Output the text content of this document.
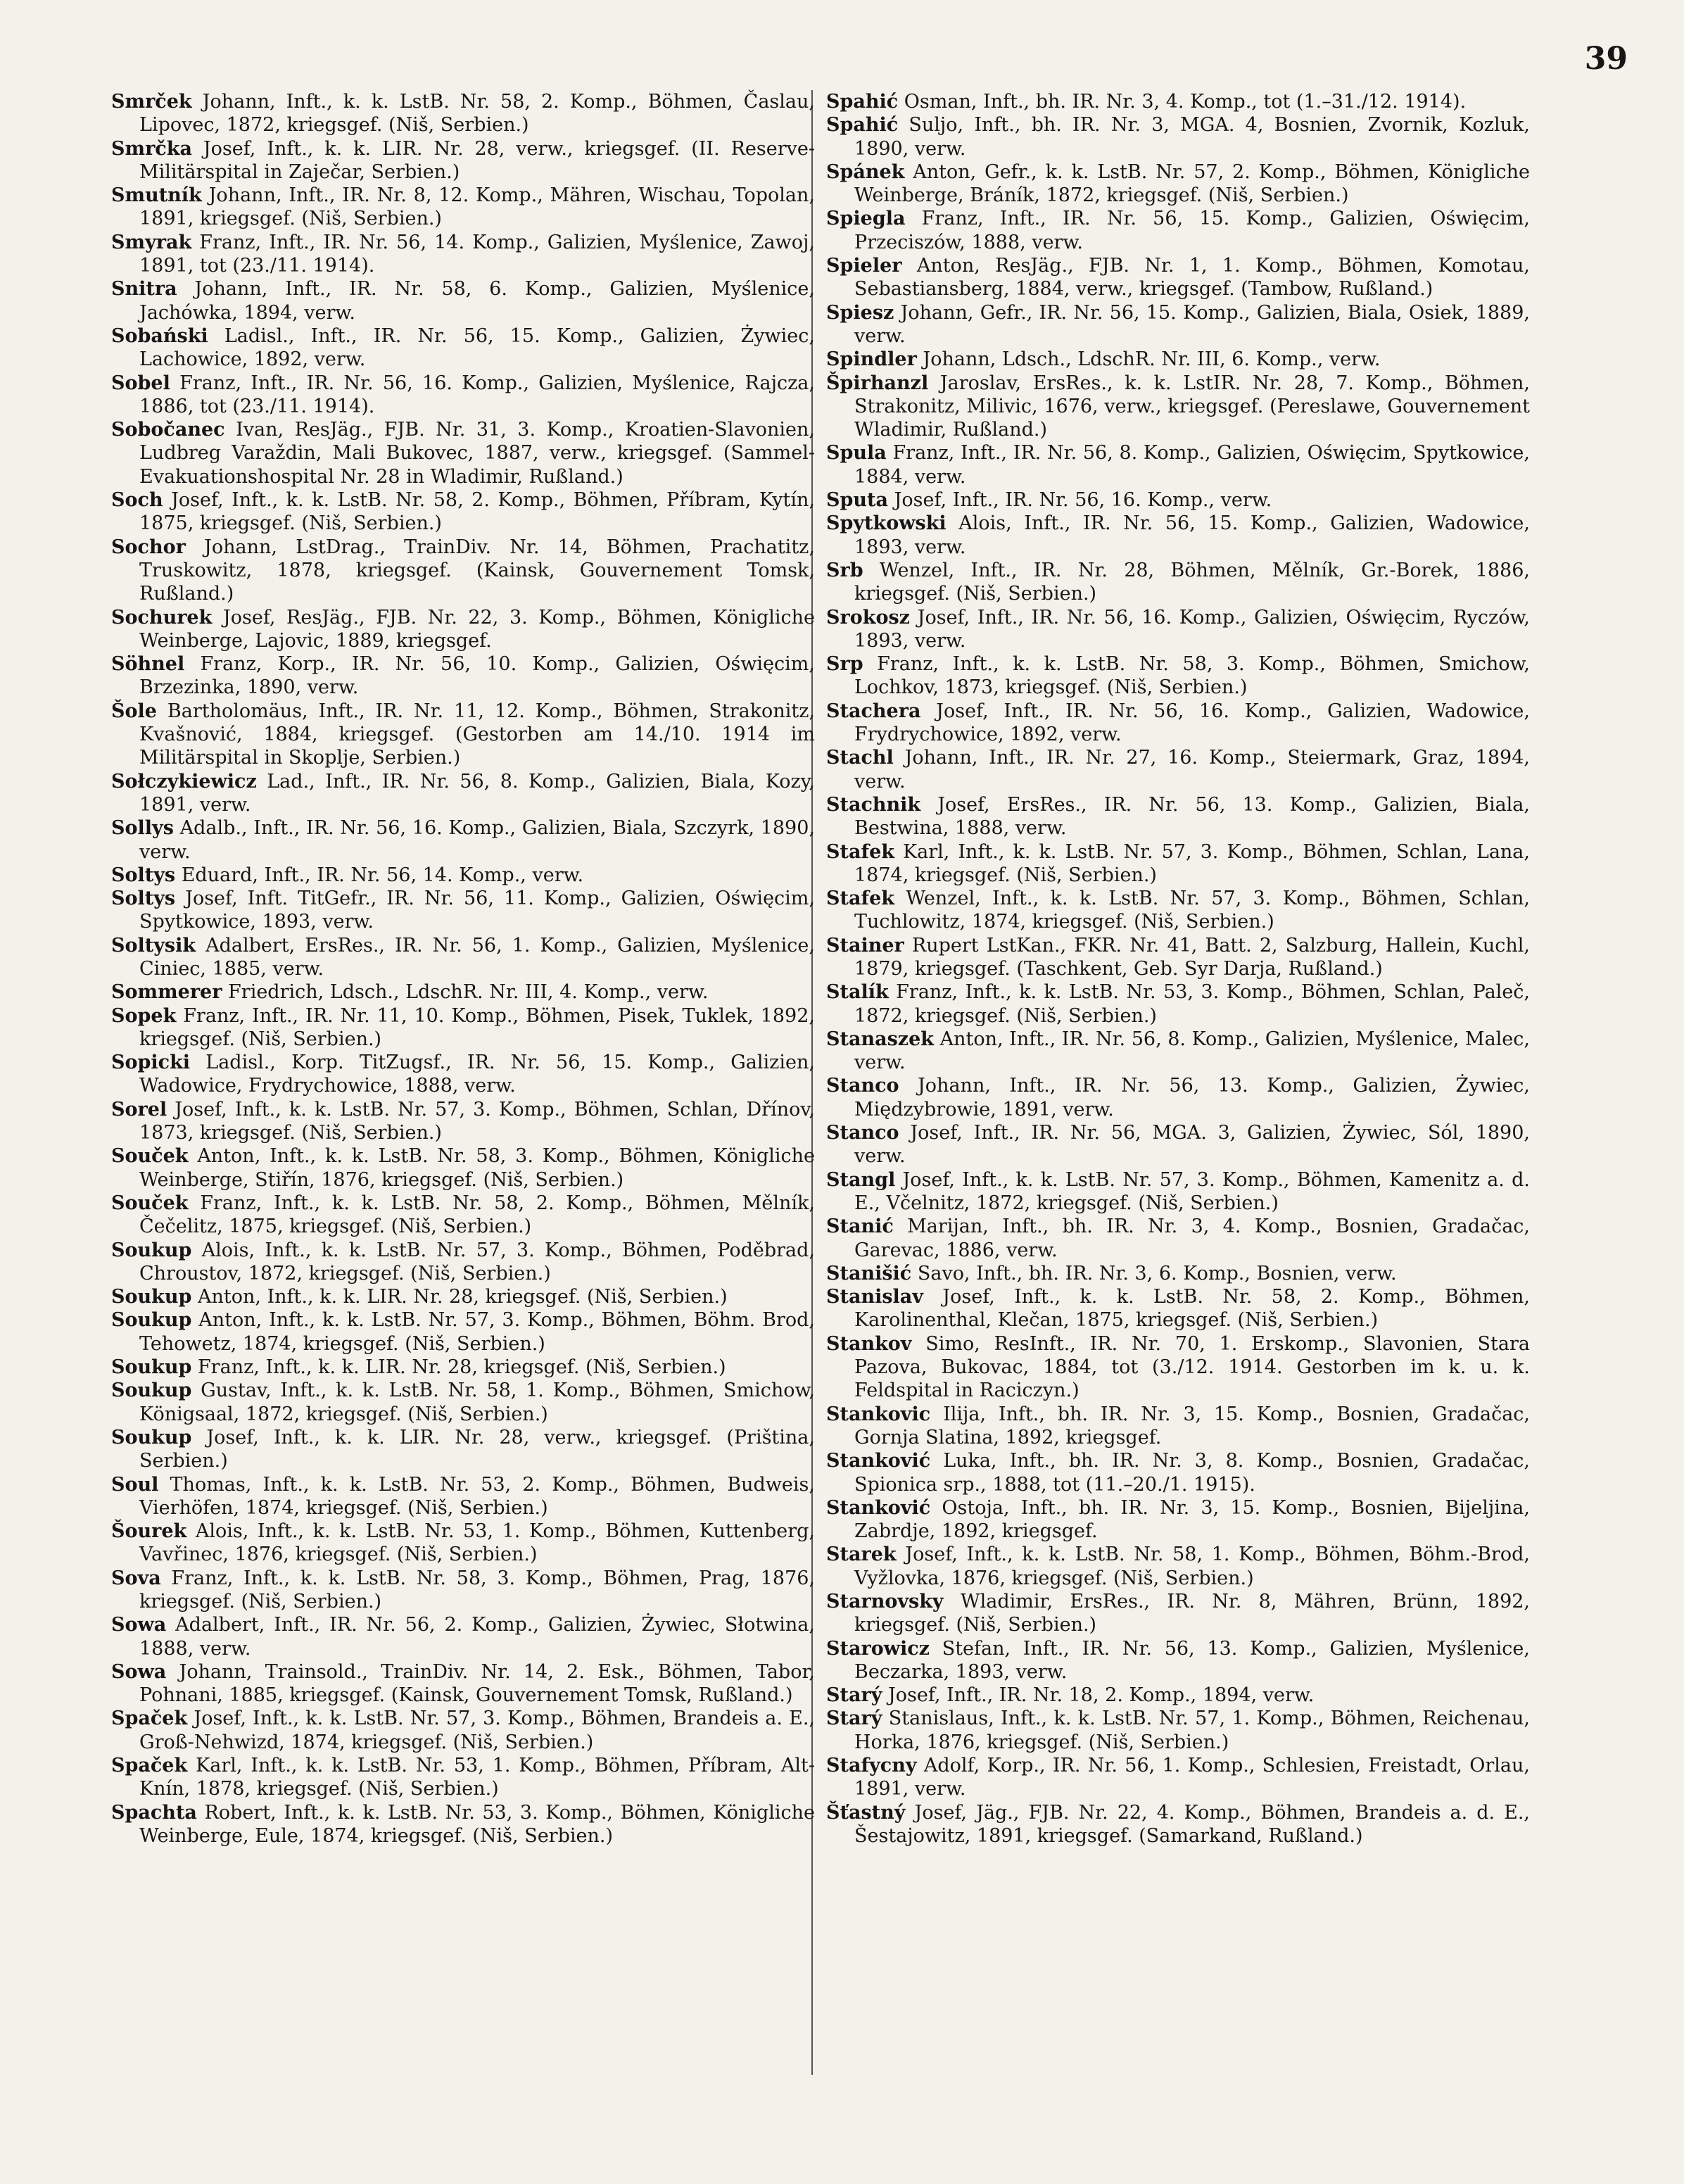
39

Smrček Johann, Inft., k. k. LstB. Nr. 58, 2. Komp., Böhmen, Časlau, Lipovec, 1872, kriegsgef. (Niš, Serbien.)

Smrčka Josef, Inft., k. k. LIR. Nr. 28, verw., kriegsgef. (II. Reserve-Militärspital in Zaječar, Serbien.)

Smutník Johann, Inft., IR. Nr. 8, 12. Komp., Mähren, Wischau, Topolan, 1891, kriegsgef. (Niš, Serbien.)

Smyrak Franz, Inft., IR. Nr. 56, 14. Komp., Galizien, Myślenice, Zawoj, 1891, tot (23./11. 1914).

Snitra Johann, Inft., IR. Nr. 58, 6. Komp., Galizien, Myślenice, Jachówka, 1894, verw.

Sobański Ladisl., Inft., IR. Nr. 56, 15. Komp., Galizien, Żywiec, Lachowice, 1892, verw.

Sobel Franz, Inft., IR. Nr. 56, 16. Komp., Galizien, Myślenice, Rajcza, 1886, tot (23./11. 1914).

Sobočanec Ivan, ResJäg., FJB. Nr. 31, 3. Komp., Kroatien-Slavonien, Ludbreg Varaždin, Mali Bukovec, 1887, verw., kriegsgef. (Sammel-Evakuationshospital Nr. 28 in Wladimir, Rußland.)

Soch Josef, Inft., k. k. LstB. Nr. 58, 2. Komp., Böhmen, Příbram, Kytín, 1875, kriegsgef. (Niš, Serbien.)

Sochor Johann, LstDrag., TrainDiv. Nr. 14, Böhmen, Prachatitz, Truskowitz, 1878, kriegsgef. (Kainsk, Gouvernement Tomsk, Rußland.)

Sochurek Josef, ResJäg., FJB. Nr. 22, 3. Komp., Böhmen, Königliche Weinberge, Lajovic, 1889, kriegsgef.

Söhnel Franz, Korp., IR. Nr. 56, 10. Komp., Galizien, Oświęcim, Brzezinka, 1890, verw.

Šole Bartholomäus, Inft., IR. Nr. 11, 12. Komp., Böhmen, Strakonitz, Kvašnović, 1884, kriegsgef. (Gestorben am 14./10. 1914 im Militärspital in Skoplje, Serbien.)

Sołczykiewicz Lad., Inft., IR. Nr. 56, 8. Komp., Galizien, Biala, Kozy, 1891, verw.

Sollys Adalb., Inft., IR. Nr. 56, 16. Komp., Galizien, Biala, Szczyrk, 1890, verw.

Soltys Eduard, Inft., IR. Nr. 56, 14. Komp., verw.

Soltys Josef, Inft. TitGefr., IR. Nr. 56, 11. Komp., Galizien, Oświęcim, Spytkowice, 1893, verw.

Soltysik Adalbert, ErsRes., IR. Nr. 56, 1. Komp., Galizien, Myślenice, Ciniec, 1885, verw.

Sommerer Friedrich, Ldsch., LdschR. Nr. III, 4. Komp., verw.

Sopek Franz, Inft., IR. Nr. 11, 10. Komp., Böhmen, Pisek, Tuklek, 1892, kriegsgef. (Niš, Serbien.)

Sopicki Ladisl., Korp. TitZugsf., IR. Nr. 56, 15. Komp., Galizien, Wadowice, Frydrychowice, 1888, verw.

Sorel Josef, Inft., k. k. LstB. Nr. 57, 3. Komp., Böhmen, Schlan, Dřínov, 1873, kriegsgef. (Niš, Serbien.)

Souček Anton, Inft., k. k. LstB. Nr. 58, 3. Komp., Böhmen, Königliche Weinberge, Stiřín, 1876, kriegsgef. (Niš, Serbien.)

Souček Franz, Inft., k. k. LstB. Nr. 58, 2. Komp., Böhmen, Mělník, Čečelitz, 1875, kriegsgef. (Niš, Serbien.)

Soukup Alois, Inft., k. k. LstB. Nr. 57, 3. Komp., Böhmen, Poděbrad, Chroustov, 1872, kriegsgef. (Niš, Serbien.)

Soukup Anton, Inft., k. k. LIR. Nr. 28, kriegsgef. (Niš, Serbien.)

Soukup Anton, Inft., k. k. LstB. Nr. 57, 3. Komp., Böhmen, Böhm. Brod, Tehowetz, 1874, kriegsgef. (Niš, Serbien.)

Soukup Franz, Inft., k. k. LIR. Nr. 28, kriegsgef. (Niš, Serbien.)

Soukup Gustav, Inft., k. k. LstB. Nr. 58, 1. Komp., Böhmen, Smichow, Königsaal, 1872, kriegsgef. (Niš, Serbien.)

Soukup Josef, Inft., k. k. LIR. Nr. 28, verw., kriegsgef. (Priština, Serbien.)

Soul Thomas, Inft., k. k. LstB. Nr. 53, 2. Komp., Böhmen, Budweis, Vierhöfen, 1874, kriegsgef. (Niš, Serbien.)

Šourek Alois, Inft., k. k. LstB. Nr. 53, 1. Komp., Böhmen, Kuttenberg, Vavřinec, 1876, kriegsgef. (Niš, Serbien.)

Sova Franz, Inft., k. k. LstB. Nr. 58, 3. Komp., Böhmen, Prag, 1876, kriegsgef. (Niš, Serbien.)

Sowa Adalbert, Inft., IR. Nr. 56, 2. Komp., Galizien, Żywiec, Słotwina, 1888, verw.

Sowa Johann, Trainsold., TrainDiv. Nr. 14, 2. Esk., Böhmen, Tabor, Pohnani, 1885, kriegsgef. (Kainsk, Gouvernement Tomsk, Rußland.)

Spaček Josef, Inft., k. k. LstB. Nr. 57, 3. Komp., Böhmen, Brandeis a. E., Groß-Nehwizd, 1874, kriegsgef. (Niš, Serbien.)

Spaček Karl, Inft., k. k. LstB. Nr. 53, 1. Komp., Böhmen, Příbram, Alt-Knín, 1878, kriegsgef. (Niš, Serbien.)

Spachta Robert, Inft., k. k. LstB. Nr. 53, 3. Komp., Böhmen, Königliche Weinberge, Eule, 1874, kriegsgef. (Niš, Serbien.)

Spahić Osman, Inft., bh. IR. Nr. 3, 4. Komp., tot (1.–31./12. 1914).

Spahić Suljo, Inft., bh. IR. Nr. 3, MGA. 4, Bosnien, Zvornik, Kozluk, 1890, verw.

Spánek Anton, Gefr., k. k. LstB. Nr. 57, 2. Komp., Böhmen, Königliche Weinberge, Bráník, 1872, kriegsgef. (Niš, Serbien.)

Spiegla Franz, Inft., IR. Nr. 56, 15. Komp., Galizien, Oświęcim, Przeciszów, 1888, verw.

Spieler Anton, ResJäg., FJB. Nr. 1, 1. Komp., Böhmen, Komotau, Sebastiansberg, 1884, verw., kriegsgef. (Tambow, Rußland.)

Spiesz Johann, Gefr., IR. Nr. 56, 15. Komp., Galizien, Biala, Osiek, 1889, verw.

Spindler Johann, Ldsch., LdschR. Nr. III, 6. Komp., verw.

Špirhanzl Jaroslav, ErsRes., k. k. LstIR. Nr. 28, 7. Komp., Böhmen, Strakonitz, Milivic, 1676, verw., kriegsgef. (Pereslawe, Gouvernement Wladimir, Rußland.)

Spula Franz, Inft., IR. Nr. 56, 8. Komp., Galizien, Oświęcim, Spytkowice, 1884, verw.

Sputa Josef, Inft., IR. Nr. 56, 16. Komp., verw.

Spytkowski Alois, Inft., IR. Nr. 56, 15. Komp., Galizien, Wadowice, 1893, verw.

Srb Wenzel, Inft., IR. Nr. 28, Böhmen, Mělník, Gr.-Borek, 1886, kriegsgef. (Niš, Serbien.)

Srokosz Josef, Inft., IR. Nr. 56, 16. Komp., Galizien, Oświęcim, Ryczów, 1893, verw.

Srp Franz, Inft., k. k. LstB. Nr. 58, 3. Komp., Böhmen, Smichow, Lochkov, 1873, kriegsgef. (Niš, Serbien.)

Stachera Josef, Inft., IR. Nr. 56, 16. Komp., Galizien, Wadowice, Frydrychowice, 1892, verw.

Stachl Johann, Inft., IR. Nr. 27, 16. Komp., Steiermark, Graz, 1894, verw.

Stachnik Josef, ErsRes., IR. Nr. 56, 13. Komp., Galizien, Biala, Bestwina, 1888, verw.

Stafek Karl, Inft., k. k. LstB. Nr. 57, 3. Komp., Böhmen, Schlan, Lana, 1874, kriegsgef. (Niš, Serbien.)

Stafek Wenzel, Inft., k. k. LstB. Nr. 57, 3. Komp., Böhmen, Schlan, Tuchlowitz, 1874, kriegsgef. (Niš, Serbien.)

Stainer Rupert LstKan., FKR. Nr. 41, Batt. 2, Salzburg, Hallein, Kuchl, 1879, kriegsgef. (Taschkent, Geb. Syr Darja, Rußland.)

Stalík Franz, Inft., k. k. LstB. Nr. 53, 3. Komp., Böhmen, Schlan, Paleč, 1872, kriegsgef. (Niš, Serbien.)

Stanaszek Anton, Inft., IR. Nr. 56, 8. Komp., Galizien, Myślenice, Malec, verw.

Stanco Johann, Inft., IR. Nr. 56, 13. Komp., Galizien, Żywiec, Międzybrowie, 1891, verw.

Stanco Josef, Inft., IR. Nr. 56, MGA. 3, Galizien, Żywiec, Sól, 1890, verw.

Stangl Josef, Inft., k. k. LstB. Nr. 57, 3. Komp., Böhmen, Kamenitz a. d. E., Včelnitz, 1872, kriegsgef. (Niš, Serbien.)

Stanić Marijan, Inft., bh. IR. Nr. 3, 4. Komp., Bosnien, Gradačac, Garevac, 1886, verw.

Stanišić Savo, Inft., bh. IR. Nr. 3, 6. Komp., Bosnien, verw.

Stanislav Josef, Inft., k. k. LstB. Nr. 58, 2. Komp., Böhmen, Karolinenthal, Klečan, 1875, kriegsgef. (Niš, Serbien.)

Stankov Simo, ResInft., IR. Nr. 70, 1. Erskomp., Slavonien, Stara Pazova, Bukovac, 1884, tot (3./12. 1914. Gestorben im k. u. k. Feldspital in Raciczyn.)

Stankovic Ilija, Inft., bh. IR. Nr. 3, 15. Komp., Bosnien, Gradačac, Gornja Slatina, 1892, kriegsgef.

Stanković Luka, Inft., bh. IR. Nr. 3, 8. Komp., Bosnien, Gradačac, Spionica srp., 1888, tot (11.–20./1. 1915).

Stanković Ostoja, Inft., bh. IR. Nr. 3, 15. Komp., Bosnien, Bijeljina, Zabrdje, 1892, kriegsgef.

Starek Josef, Inft., k. k. LstB. Nr. 58, 1. Komp., Böhmen, Böhm.-Brod, Vyžlovka, 1876, kriegsgef. (Niš, Serbien.)

Starnovsky Wladimir, ErsRes., IR. Nr. 8, Mähren, Brünn, 1892, kriegsgef. (Niš, Serbien.)

Starowicz Stefan, Inft., IR. Nr. 56, 13. Komp., Galizien, Myślenice, Beczarka, 1893, verw.

Starý Josef, Inft., IR. Nr. 18, 2. Komp., 1894, verw.

Starý Stanislaus, Inft., k. k. LstB. Nr. 57, 1. Komp., Böhmen, Reichenau, Horka, 1876, kriegsgef. (Niš, Serbien.)

Stafycny Adolf, Korp., IR. Nr. 56, 1. Komp., Schlesien, Freistadt, Orlau, 1891, verw.

Šťastný Josef, Jäg., FJB. Nr. 22, 4. Komp., Böhmen, Brandeis a. d. E., Šestajowitz, 1891, kriegsgef. (Samarkand, Rußland.)
